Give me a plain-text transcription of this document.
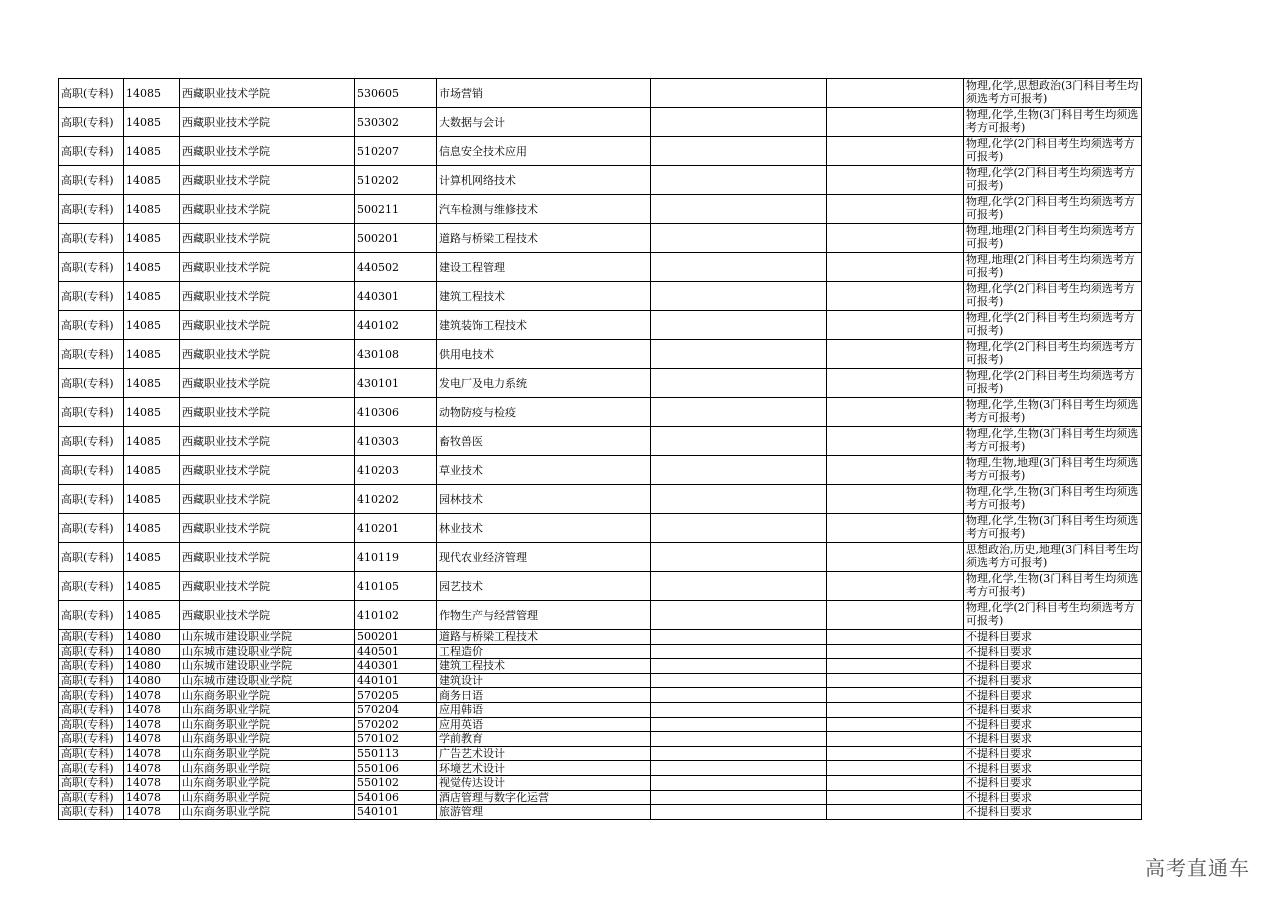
高职(专科)	14085	西藏职业技术学院	530605	市场营销			物理,化学,思想政治(3门科目考生均须选考方可报考)
高职(专科)	14085	西藏职业技术学院	530302	大数据与会计			物理,化学,生物(3门科目考生均须选考方可报考)
高职(专科)	14085	西藏职业技术学院	510207	信息安全技术应用			物理,化学(2门科目考生均须选考方可报考)
高职(专科)	14085	西藏职业技术学院	510202	计算机网络技术			物理,化学(2门科目考生均须选考方可报考)
高职(专科)	14085	西藏职业技术学院	500211	汽车检测与维修技术			物理,化学(2门科目考生均须选考方可报考)
高职(专科)	14085	西藏职业技术学院	500201	道路与桥梁工程技术			物理,地理(2门科目考生均须选考方可报考)
高职(专科)	14085	西藏职业技术学院	440502	建设工程管理			物理,地理(2门科目考生均须选考方可报考)
高职(专科)	14085	西藏职业技术学院	440301	建筑工程技术			物理,化学(2门科目考生均须选考方可报考)
高职(专科)	14085	西藏职业技术学院	440102	建筑装饰工程技术			物理,化学(2门科目考生均须选考方可报考)
高职(专科)	14085	西藏职业技术学院	430108	供用电技术			物理,化学(2门科目考生均须选考方可报考)
高职(专科)	14085	西藏职业技术学院	430101	发电厂及电力系统			物理,化学(2门科目考生均须选考方可报考)
高职(专科)	14085	西藏职业技术学院	410306	动物防疫与检疫			物理,化学,生物(3门科目考生均须选考方可报考)
高职(专科)	14085	西藏职业技术学院	410303	畜牧兽医			物理,化学,生物(3门科目考生均须选考方可报考)
高职(专科)	14085	西藏职业技术学院	410203	草业技术			物理,生物,地理(3门科目考生均须选考方可报考)
高职(专科)	14085	西藏职业技术学院	410202	园林技术			物理,化学,生物(3门科目考生均须选考方可报考)
高职(专科)	14085	西藏职业技术学院	410201	林业技术			物理,化学,生物(3门科目考生均须选考方可报考)
高职(专科)	14085	西藏职业技术学院	410119	现代农业经济管理			思想政治,历史,地理(3门科目考生均须选考方可报考)
高职(专科)	14085	西藏职业技术学院	410105	园艺技术			物理,化学,生物(3门科目考生均须选考方可报考)
高职(专科)	14085	西藏职业技术学院	410102	作物生产与经营管理			物理,化学(2门科目考生均须选考方可报考)
高职(专科)	14080	山东城市建设职业学院	500201	道路与桥梁工程技术			不提科目要求
高职(专科)	14080	山东城市建设职业学院	440501	工程造价			不提科目要求
高职(专科)	14080	山东城市建设职业学院	440301	建筑工程技术			不提科目要求
高职(专科)	14080	山东城市建设职业学院	440101	建筑设计			不提科目要求
高职(专科)	14078	山东商务职业学院	570205	商务日语			不提科目要求
高职(专科)	14078	山东商务职业学院	570204	应用韩语			不提科目要求
高职(专科)	14078	山东商务职业学院	570202	应用英语			不提科目要求
高职(专科)	14078	山东商务职业学院	570102	学前教育			不提科目要求
高职(专科)	14078	山东商务职业学院	550113	广告艺术设计			不提科目要求
高职(专科)	14078	山东商务职业学院	550106	环境艺术设计			不提科目要求
高职(专科)	14078	山东商务职业学院	550102	视觉传达设计			不提科目要求
高职(专科)	14078	山东商务职业学院	540106	酒店管理与数字化运营			不提科目要求
高职(专科)	14078	山东商务职业学院	540101	旅游管理			不提科目要求
高考直通车
